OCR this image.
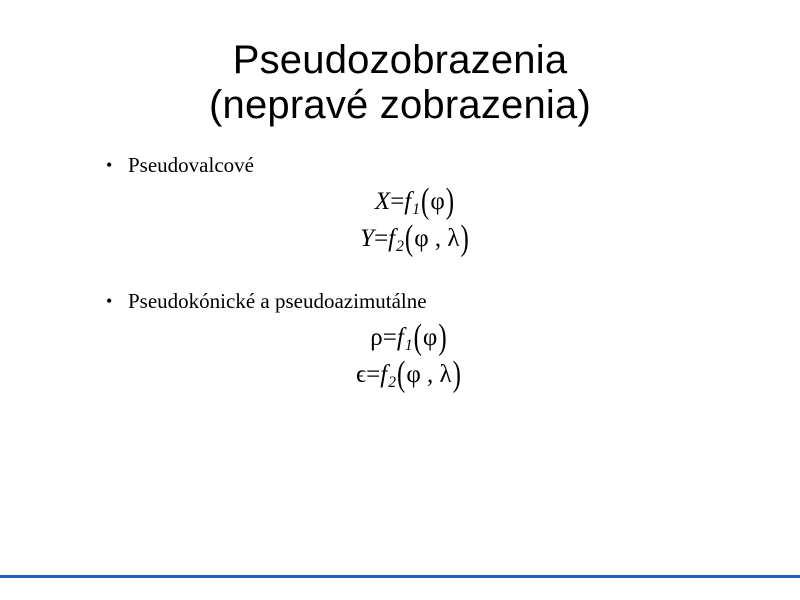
Pseudozobrazenia
(nepravé zobrazenia)
• Pseudovalcové
X=f1(φ)
Y=f2(φ , λ)
• Pseudokónické a pseudoazimutálne
ρ=f1(φ)
ϵ=f2(φ , λ)
